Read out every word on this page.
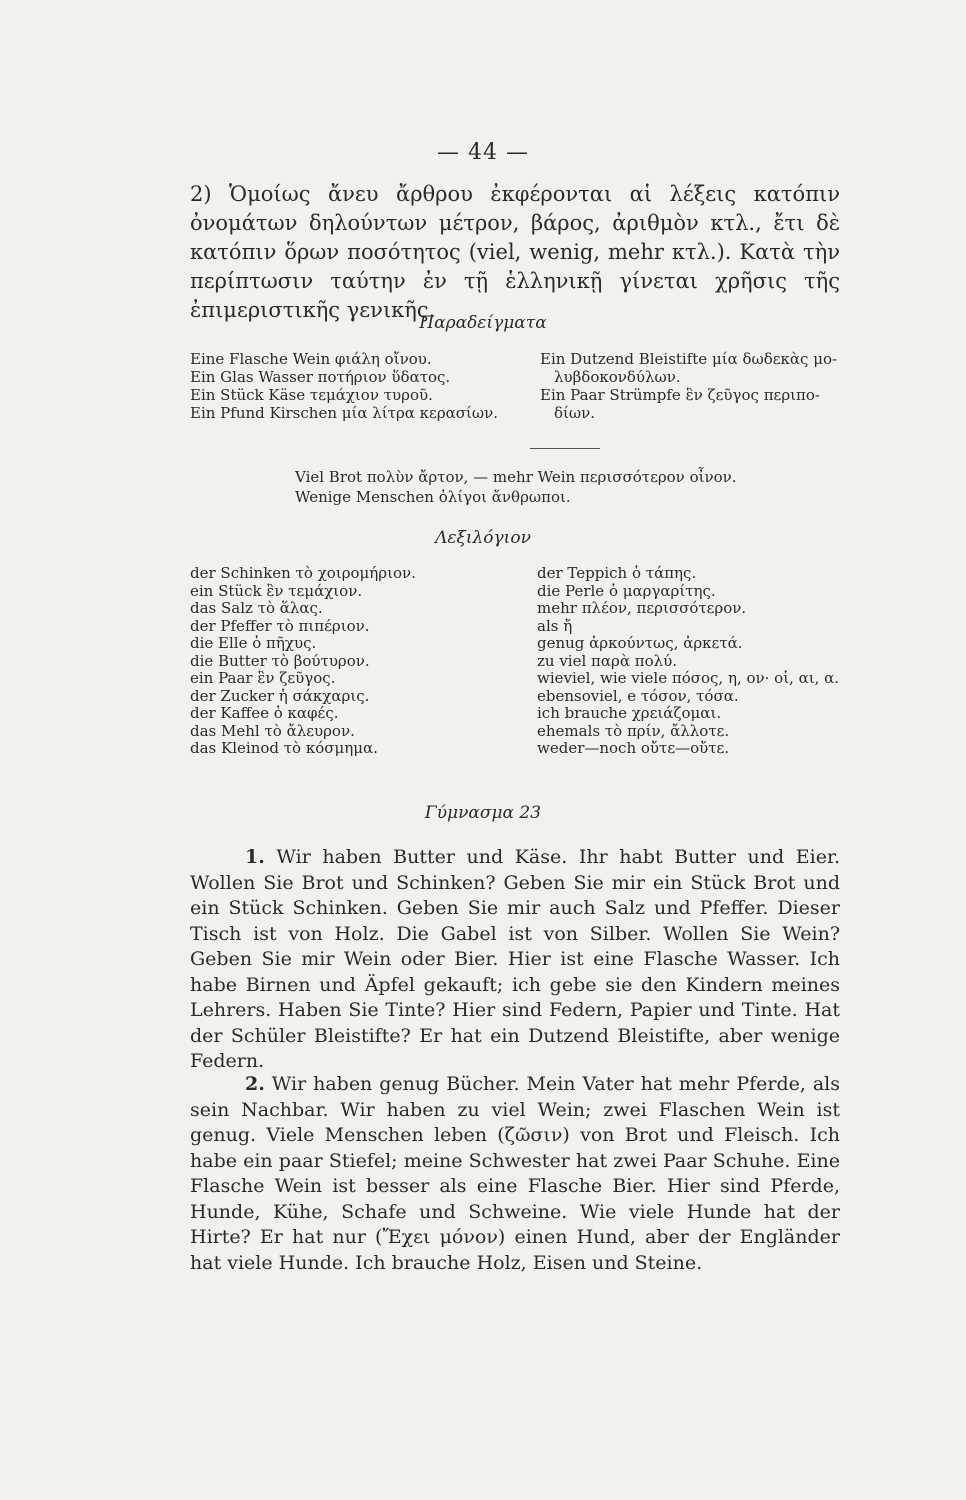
— 44 —
2) Ὁμοίως ἄνευ ἄρθρου ἐκφέρονται αἱ λέξεις κατόπιν ὀνομάτων δηλούντων μέτρον, βάρος, ἀριθμὸν κτλ., ἔτι δὲ κατόπιν ὅρων ποσότητος (viel, wenig, mehr κτλ.). Κατὰ τὴν περίπτωσιν ταύτην ἐν τῇ ἑλληνικῇ γίνεται χρῆσις τῆς ἐπιμεριστικῆς γενικῆς.
Παραδείγματα
Eine Flasche Wein φιάλη οἴνου.
Ein Glas Wasser ποτήριον ὕδατος.
Ein Stück Käse τεμάχιον τυροῦ.
Ein Pfund Kirschen μία λίτρα κερασίων.
Ein Dutzend Bleistifte μία δωδεκὰς μο-
λυβδοκονδύλων.
Ein Paar Strümpfe ἓν ζεῦγος περιπο-
δίων.
Viel Brot πολὺν ἄρτον, — mehr Wein περισσότερον οἶνον.
Wenige Menschen ὀλίγοι ἄνθρωποι.
Λεξιλόγιον
der Schinken τὸ χοιρομήριον.
ein Stück ἓν τεμάχιον.
das Salz τὸ ἅλας.
der Pfeffer τὸ πιπέριον.
die Elle ὁ πῆχυς.
die Butter τὸ βούτυρον.
ein Paar ἓν ζεῦγος.
der Zucker ἡ σάκχαρις.
der Kaffee ὁ καφές.
das Mehl τὸ ἄλευρον.
das Kleinod τὸ κόσμημα.
der Teppich ὁ τάπης.
die Perle ὁ μαργαρίτης.
mehr πλέον, περισσότερον.
als ἤ
genug ἀρκούντως, ἀρκετά.
zu viel παρὰ πολύ.
wieviel, wie viele πόσος, η, ον· οἱ, αι, α.
ebensoviel, e τόσον, τόσα.
ich brauche χρειάζομαι.
ehemals τὸ πρίν, ἄλλοτε.
weder—noch οὔτε—οὔτε.
Γύμνασμα 23

1. Wir haben Butter und Käse. Ihr habt Butter und Eier. Wollen Sie Brot und Schinken? Geben Sie mir ein Stück Brot und ein Stück Schinken. Geben Sie mir auch Salz und Pfeffer. Dieser Tisch ist von Holz. Die Gabel ist von Silber. Wollen Sie Wein? Geben Sie mir Wein oder Bier. Hier ist eine Flasche Wasser. Ich habe Birnen und Äpfel gekauft; ich gebe sie den Kindern meines Lehrers. Haben Sie Tinte? Hier sind Federn, Papier und Tinte. Hat der Schüler Bleistifte? Er hat ein Dutzend Bleistifte, aber wenige Federn.

2. Wir haben genug Bücher. Mein Vater hat mehr Pferde, als sein Nachbar. Wir haben zu viel Wein; zwei Flaschen Wein ist genug. Viele Menschen leben (ζῶσιν) von Brot und Fleisch. Ich habe ein paar Stiefel; meine Schwester hat zwei Paar Schuhe. Eine Flasche Wein ist besser als eine Flasche Bier. Hier sind Pferde, Hunde, Kühe, Schafe und Schweine. Wie viele Hunde hat der Hirte? Er hat nur (Ἔχει μόνον) einen Hund, aber der Engländer hat viele Hunde. Ich brauche Holz, Eisen und Steine.
